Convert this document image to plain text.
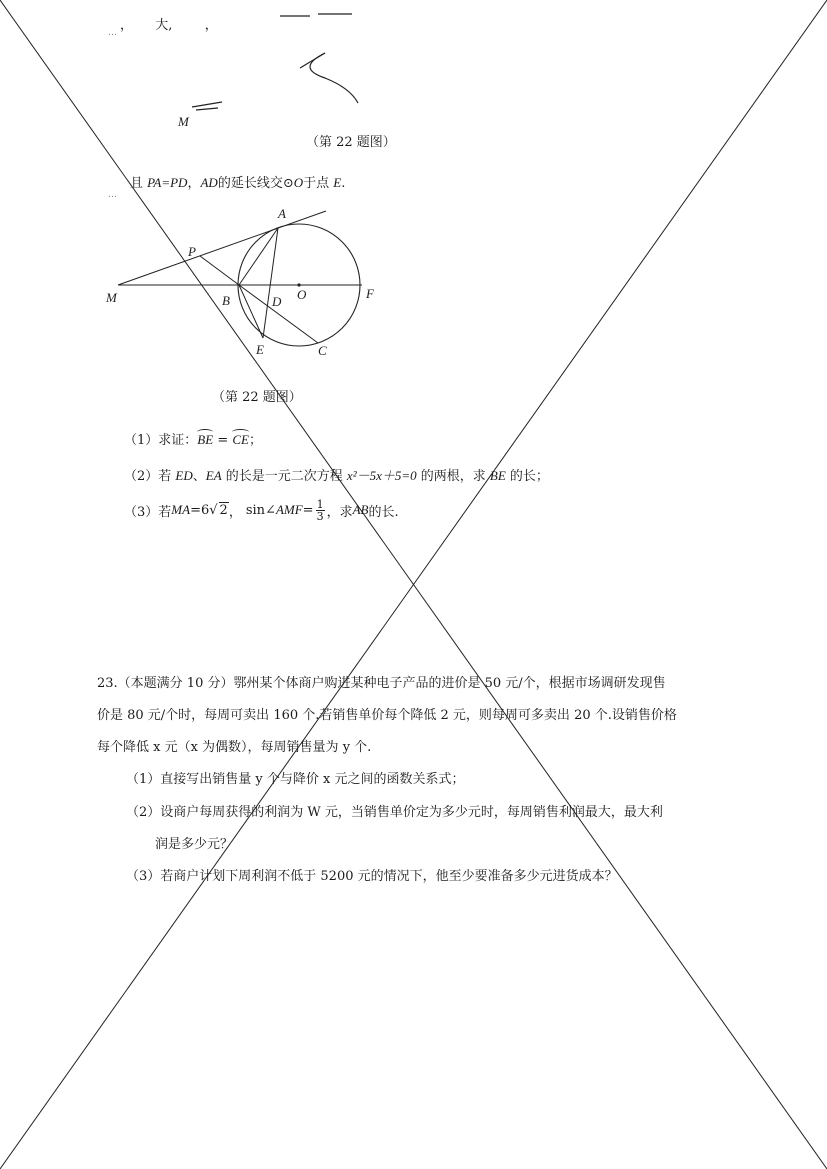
， 大, ，
…
M
（第 22 题图）
且 PA=PD，AD的延长线交⊙O于点 E.
…
A
P
M	B	D O	F
E	C
（第 22 题图）
（1）求证：BE = CE；
（2）若 ED、EA 的长是一元二次方程 x²－5x＋5=0 的两根，求 BE 的长；
（3）若 MA =6 √ 2 ， sin∠ AMF = $\frac{1}{3}$ ，求 AB 的长.
23.（本题满分 10 分）鄂州某个体商户购进某种电子产品的进价是 50 元/个，根据市场调研发现售
价是 80 元/个时，每周可卖出 160 个.若销售单价每个降低 2 元，则每周可多卖出 20 个.设销售价格
每个降低 x 元（x 为偶数），每周销售量为 y 个.
（1）直接写出销售量 y 个与降价 x 元之间的函数关系式；
（2）设商户每周获得的利润为 W 元，当销售单价定为多少元时，每周销售利润最大，最大利
润是多少元？
（3）若商户计划下周利润不低于 5200 元的情况下，他至少要准备多少元进货成本？
